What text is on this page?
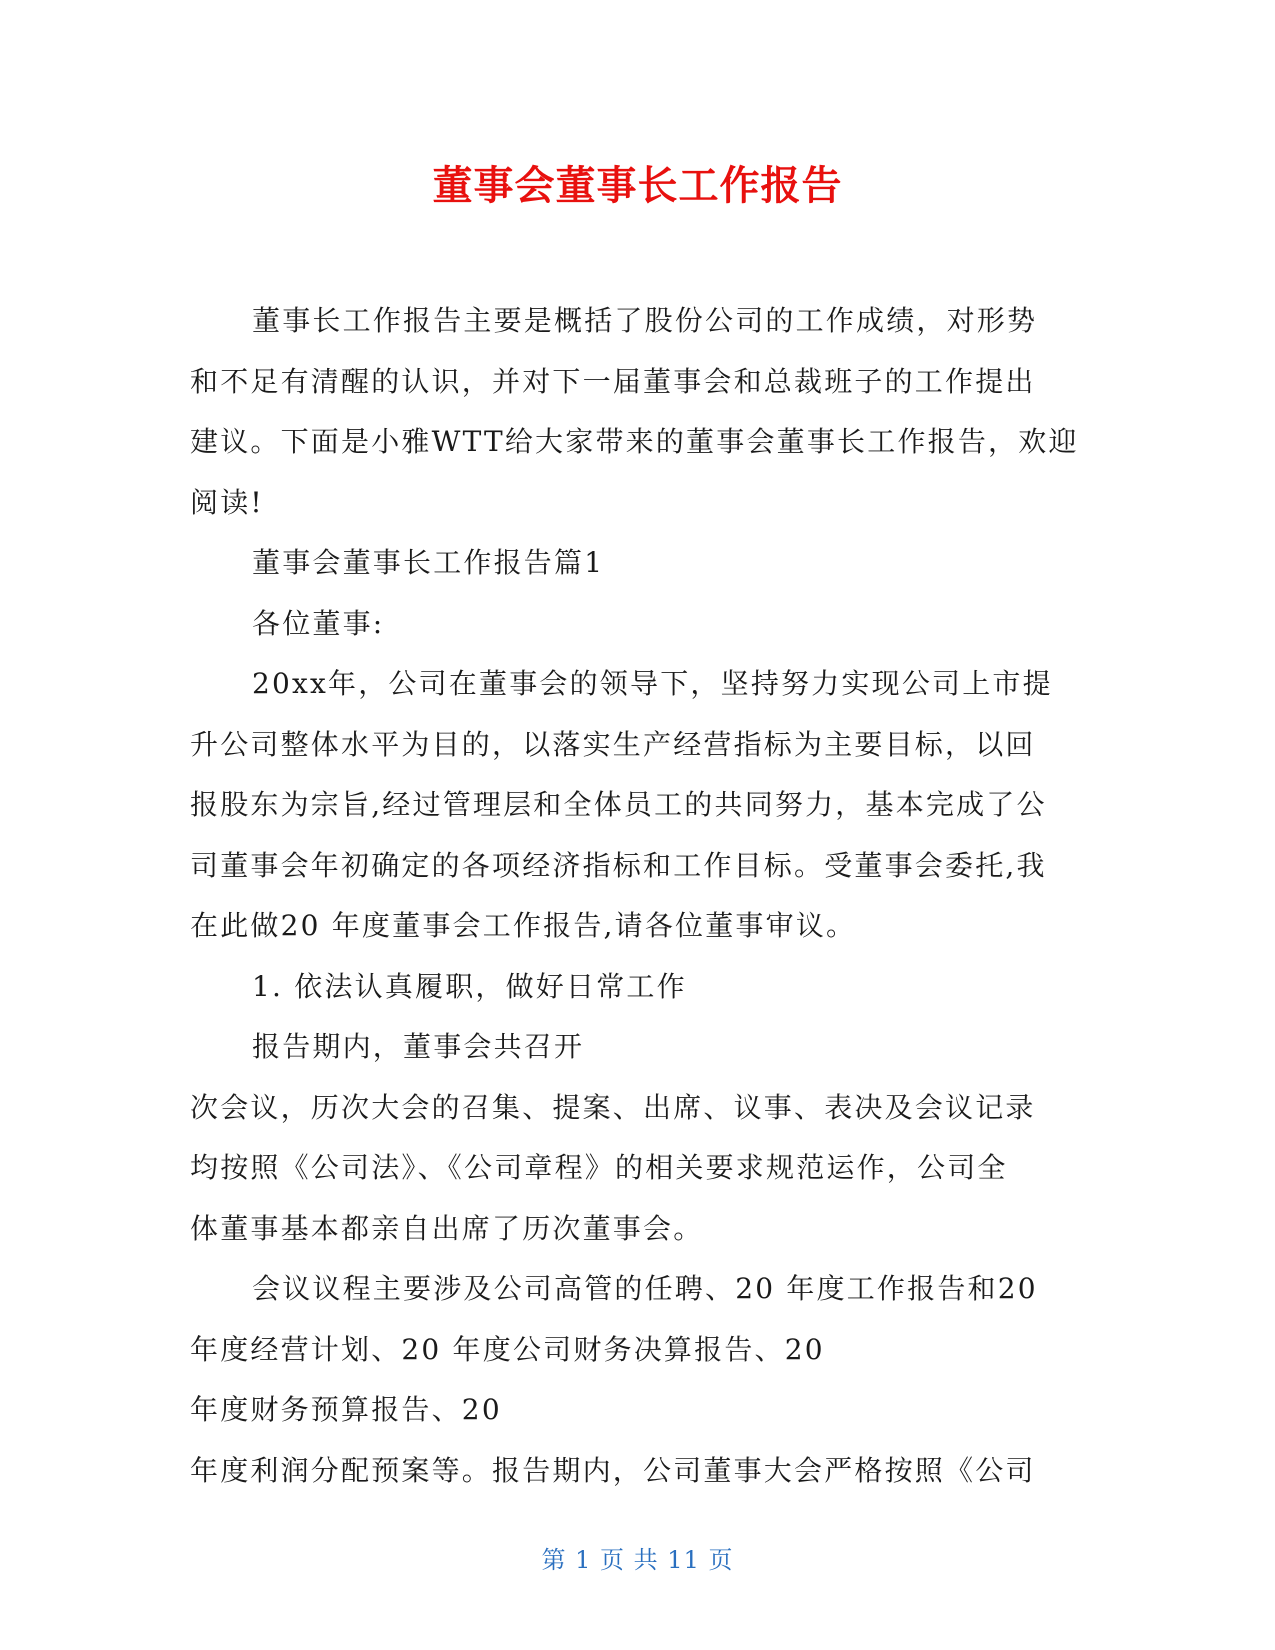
董事会董事长工作报告
董事长工作报告主要是概括了股份公司的工作成绩，对形势
和不足有清醒的认识，并对下一届董事会和总裁班子的工作提出
建议。下面是小雅WTT给大家带来的董事会董事长工作报告，欢迎
阅读!
董事会董事长工作报告篇1
各位董事:
20xx年，公司在董事会的领导下，坚持努力实现公司上市提
升公司整体水平为目的，以落实生产经营指标为主要目标，以回
报股东为宗旨,经过管理层和全体员工的共同努力，基本完成了公
司董事会年初确定的各项经济指标和工作目标。受董事会委托,我
在此做20 年度董事会工作报告,请各位董事审议。
1. 依法认真履职，做好日常工作
报告期内，董事会共召开
次会议，历次大会的召集、提案、出席、议事、表决及会议记录
均按照《公司法》、《公司章程》的相关要求规范运作，公司全
体董事基本都亲自出席了历次董事会。
会议议程主要涉及公司高管的任聘、20 年度工作报告和20
年度经营计划、20 年度公司财务决算报告、20
年度财务预算报告、20
年度利润分配预案等。报告期内，公司董事大会严格按照《公司
第 1 页 共 11 页
